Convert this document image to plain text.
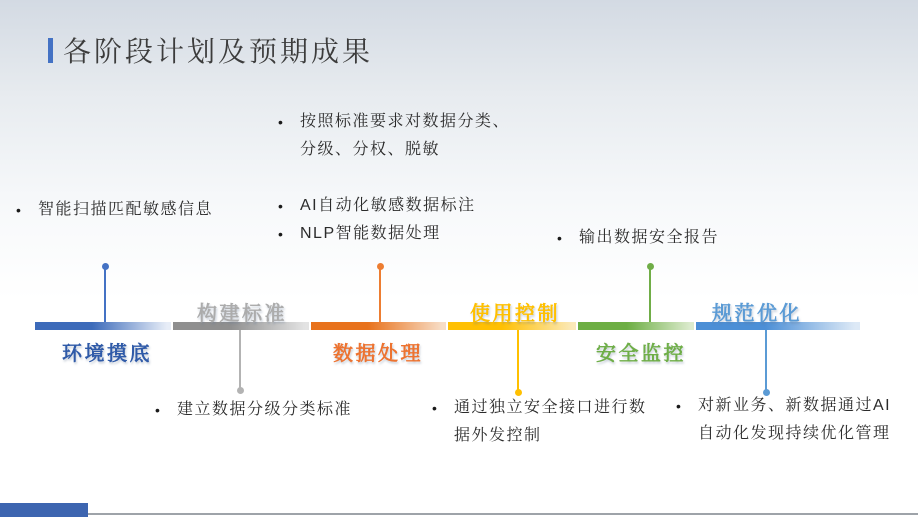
各阶段计划及预期成果
环境摸底
构建标准
数据处理
使用控制
安全监控
规范优化
• 智能扫描匹配敏感信息
• 按照标准要求对数据分类、
分级、分权、脱敏
• AI自动化敏感数据标注
• NLP智能数据处理	• 输出数据安全报告
• 建立数据分级分类标准	• 通过独立安全接口进行数
据外发控制
• 对新业务、新数据通过AI
自动化发现持续优化管理
